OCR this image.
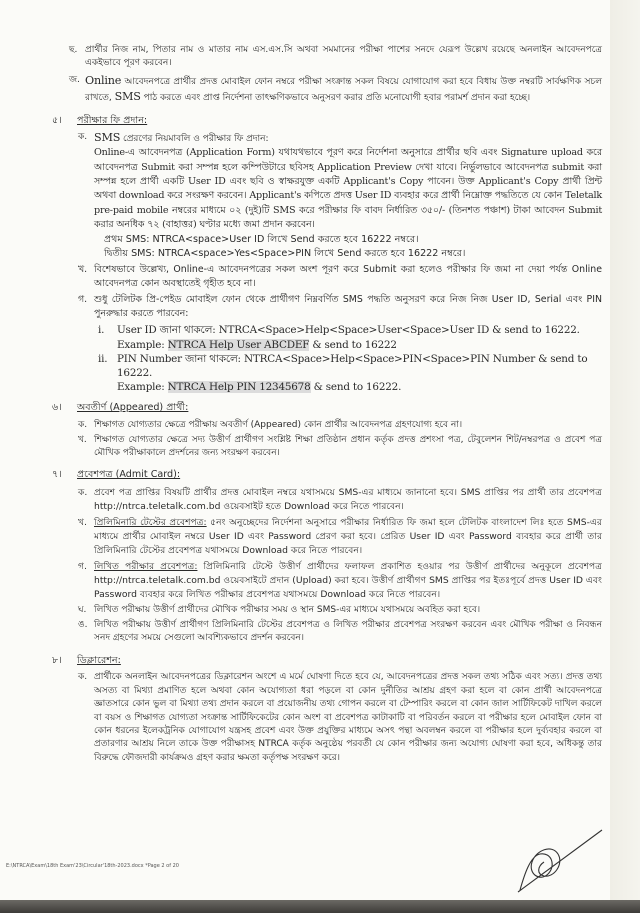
ছ. প্রার্থীর নিজ নাম, পিতার নাম ও মাতার নাম এস.এস.সি অথবা সমমানের পরীক্ষা পাশের সনদে যেরূপ উল্লেখ রয়েছে অনলাইন আবেদনপত্রে একইভাবে পূরণ করবেন।
জ. Online আবেদনপত্রে প্রার্থীর প্রদত্ত মোবাইল ফোন নম্বরে পরীক্ষা সংক্রান্ত সকল বিষয়ে যোগাযোগ করা হবে বিধায় উক্ত নম্বরটি সার্বক্ষণিক সচল রাখতে, SMS পাঠ করতে এবং প্রাপ্ত নির্দেশনা তাৎক্ষণিকভাবে অনুসরণ করার প্রতি মনোযোগী হবার পরামর্শ প্রদান করা হচ্ছে।
৫। পরীক্ষার ফি প্রদান:
ক. SMS প্রেরণের নিয়মাবলি ও পরীক্ষার ফি প্রদান:
Online-এ আবেদনপত্র (Application Form) যথাযথভাবে পূরণ করে নির্দেশনা অনুসারে প্রার্থীর ছবি এবং Signature upload করে আবেদনপত্র Submit করা সম্পন্ন হলে কম্পিউটারে ছবিসহ Application Preview দেখা যাবে। নির্ভুলভাবে আবেদনপত্র submit করা সম্পন্ন হলে প্রার্থী একটি User ID এবং ছবি ও স্বাক্ষরযুক্ত একটি Applicant's Copy পাবেন। উক্ত Applicant's Copy প্রার্থী প্রিন্ট অথবা download করে সংরক্ষণ করবেন। Applicant's কপিতে প্রদত্ত User ID ব্যবহার করে প্রার্থী নিম্নোক্ত পদ্ধতিতে যে কোন Teletalk pre-paid mobile নম্বরের মাধ্যমে ০২ (দুই)টি SMS করে পরীক্ষার ফি বাবদ নির্ধারিত ৩৫০/- (তিনশত পঞ্চাশ) টাকা আবেদন Submit করার অনধিক ৭২ (বাহাত্তর) ঘণ্টার মধ্যে জমা প্রদান করবেন।
প্রথম SMS: NTRCA<space>User ID লিখে Send করতে হবে 16222 নম্বরে।
দ্বিতীয় SMS: NTRCA<space>Yes<Space>PIN লিখে Send করতে হবে 16222 নম্বরে।
খ. বিশেষভাবে উল্লেখ্য, Online-এ আবেদনপত্রের সকল অংশ পূরণ করে Submit করা হলেও পরীক্ষার ফি জমা না দেয়া পর্যন্ত Online আবেদনপত্র কোন অবস্থাতেই গৃহীত হবে না।
গ. শুধু টেলিটক প্রি-পেইড মোবাইল ফোন থেকে প্রার্থীগণ নিম্নবর্ণিত SMS পদ্ধতি অনুসরণ করে নিজ নিজ User ID, Serial এবং PIN পুনরুদ্ধার করতে পারবেন:
i. User ID জানা থাকলে: NTRCA<Space>Help<Space>User<Space>User ID & send to 16222.
Example: NTRCA Help User ABCDEF & send to 16222
ii. PIN Number জানা থাকলে: NTRCA<Space>Help<Space>PIN<Space>PIN Number & send to 16222.
Example: NTRCA Help PIN 12345678 & send to 16222.
৬। অবতীর্ণ (Appeared) প্রার্থী:
ক. শিক্ষাগত যোগ্যতার ক্ষেত্রে পরীক্ষায় অবতীর্ণ (Appeared) কোন প্রার্থীর আবেদনপত্র গ্রহণযোগ্য হবে না।
খ. শিক্ষাগত যোগ্যতার ক্ষেত্রে সদ্য উত্তীর্ণ প্রার্থীগণ সংশ্লিষ্ট শিক্ষা প্রতিষ্ঠান প্রধান কর্তৃক প্রদত্ত প্রশংসা পত্র, টেবুলেশন শিট/নম্বরপত্র ও প্রবেশ পত্র মৌখিক পরীক্ষাকালে প্রদর্শনের জন্য সংরক্ষণ করবেন।
৭। প্রবেশপত্র (Admit Card):
ক. প্রবেশ পত্র প্রাপ্তির বিষয়টি প্রার্থীর প্রদত্ত মোবাইল নম্বরে যথাসময়ে SMS-এর মাধ্যমে জানানো হবে। SMS প্রাপ্তির পর প্রার্থী তার প্রবেশপত্র http://ntrca.teletalk.com.bd ওয়েবসাইট হতে Download করে নিতে পারবেন।
খ. প্রিলিমিনারি টেস্টের প্রবেশপত্র: ৫নং অনুচ্ছেদের নির্দেশনা অনুসারে পরীক্ষার নির্ধারিত ফি জমা হলে টেলিটক বাংলাদেশ লিঃ হতে SMS-এর মাধ্যমে প্রার্থীর মোবাইল নম্বরে User ID এবং Password প্রেরণ করা হবে। প্রেরিত User ID এবং Password ব্যবহার করে প্রার্থী তার প্রিলিমিনারি টেস্টের প্রবেশপত্র যথাসময়ে Download করে নিতে পারবেন।
গ. লিখিত পরীক্ষার প্রবেশপত্র: প্রিলিমিনারি টেস্টে উত্তীর্ণ প্রার্থীদের ফলাফল প্রকাশিত হওয়ার পর উত্তীর্ণ প্রার্থীদের অনুকূলে প্রবেশপত্র http://ntrca.teletalk.com.bd ওয়েবসাইটে প্রদান (Upload) করা হবে। উত্তীর্ণ প্রার্থীগণ SMS প্রাপ্তির পর ইতঃপূর্বে প্রদত্ত User ID এবং Password ব্যবহার করে লিখিত পরীক্ষার প্রবেশপত্র যথাসময়ে Download করে নিতে পারবেন।
ঘ. লিখিত পরীক্ষায় উত্তীর্ণ প্রার্থীদের মৌখিক পরীক্ষার সময় ও স্থান SMS-এর মাধ্যমে যথাসময়ে অবহিত করা হবে।
ঙ. লিখিত পরীক্ষায় উত্তীর্ণ প্রার্থীগণ প্রিলিমিনারি টেস্টের প্রবেশপত্র ও লিখিত পরীক্ষার প্রবেশপত্র সংরক্ষণ করবেন এবং মৌখিক পরীক্ষা ও নিবন্ধন সনদ গ্রহণের সময়ে সেগুলো আবশ্যিকভাবে প্রদর্শন করবেন।
৮। ডিক্লারেশন:
ক. প্রার্থীকে অনলাইন আবেদনপত্রের ডিক্লারেশন অংশে এ মর্মে ঘোষণা দিতে হবে যে, আবেদনপত্রের প্রদত্ত সকল তথ্য সঠিক এবং সত্য। প্রদত্ত তথ্য অসত্য বা মিথ্যা প্রমাণিত হলে অথবা কোন অযোগ্যতা ধরা পড়লে বা কোন দুর্নীতির আশ্রয় গ্রহণ করা হলে বা কোন প্রার্থী আবেদনপত্রে জ্ঞাতসারে কোন ভুল বা মিথ্যা তথ্য প্রদান করলে বা প্রয়োজনীয় তথ্য গোপন করলে বা টেম্পারিং করলে বা কোন জাল সার্টিফিকেট দাখিল করলে বা বয়স ও শিক্ষাগত যোগ্যতা সংক্রান্ত সার্টিফিকেটের কোন অংশ বা প্রবেশপত্র কাটাকাটি বা পরিবর্তন করলে বা পরীক্ষার হলে মোবাইল ফোন বা কোন ধরনের ইলেকট্রনিক যোগাযোগ যন্ত্রসহ প্রবেশ এবং উক্ত প্রযুক্তির মাধ্যমে অসৎ পন্থা অবলম্বন করলে বা পরীক্ষার হলে দুর্ব্যবহার করলে বা প্রতারণার আশ্রয় নিলে তাকে উক্ত পরীক্ষাসহ NTRCA কর্তৃক অনুষ্ঠেয় পরবর্তী যে কোন পরীক্ষার জন্য অযোগ্য ঘোষণা করা হবে, অধিকন্তু তার বিরুদ্ধে ফৌজদারী কার্যক্রমও গ্রহণ করার ক্ষমতা কর্তৃপক্ষ সংরক্ষণ করে।
E:\NTRCA\Exam\18th Exam'23\Circular'18th-2023.docx *Page 2 of 20
